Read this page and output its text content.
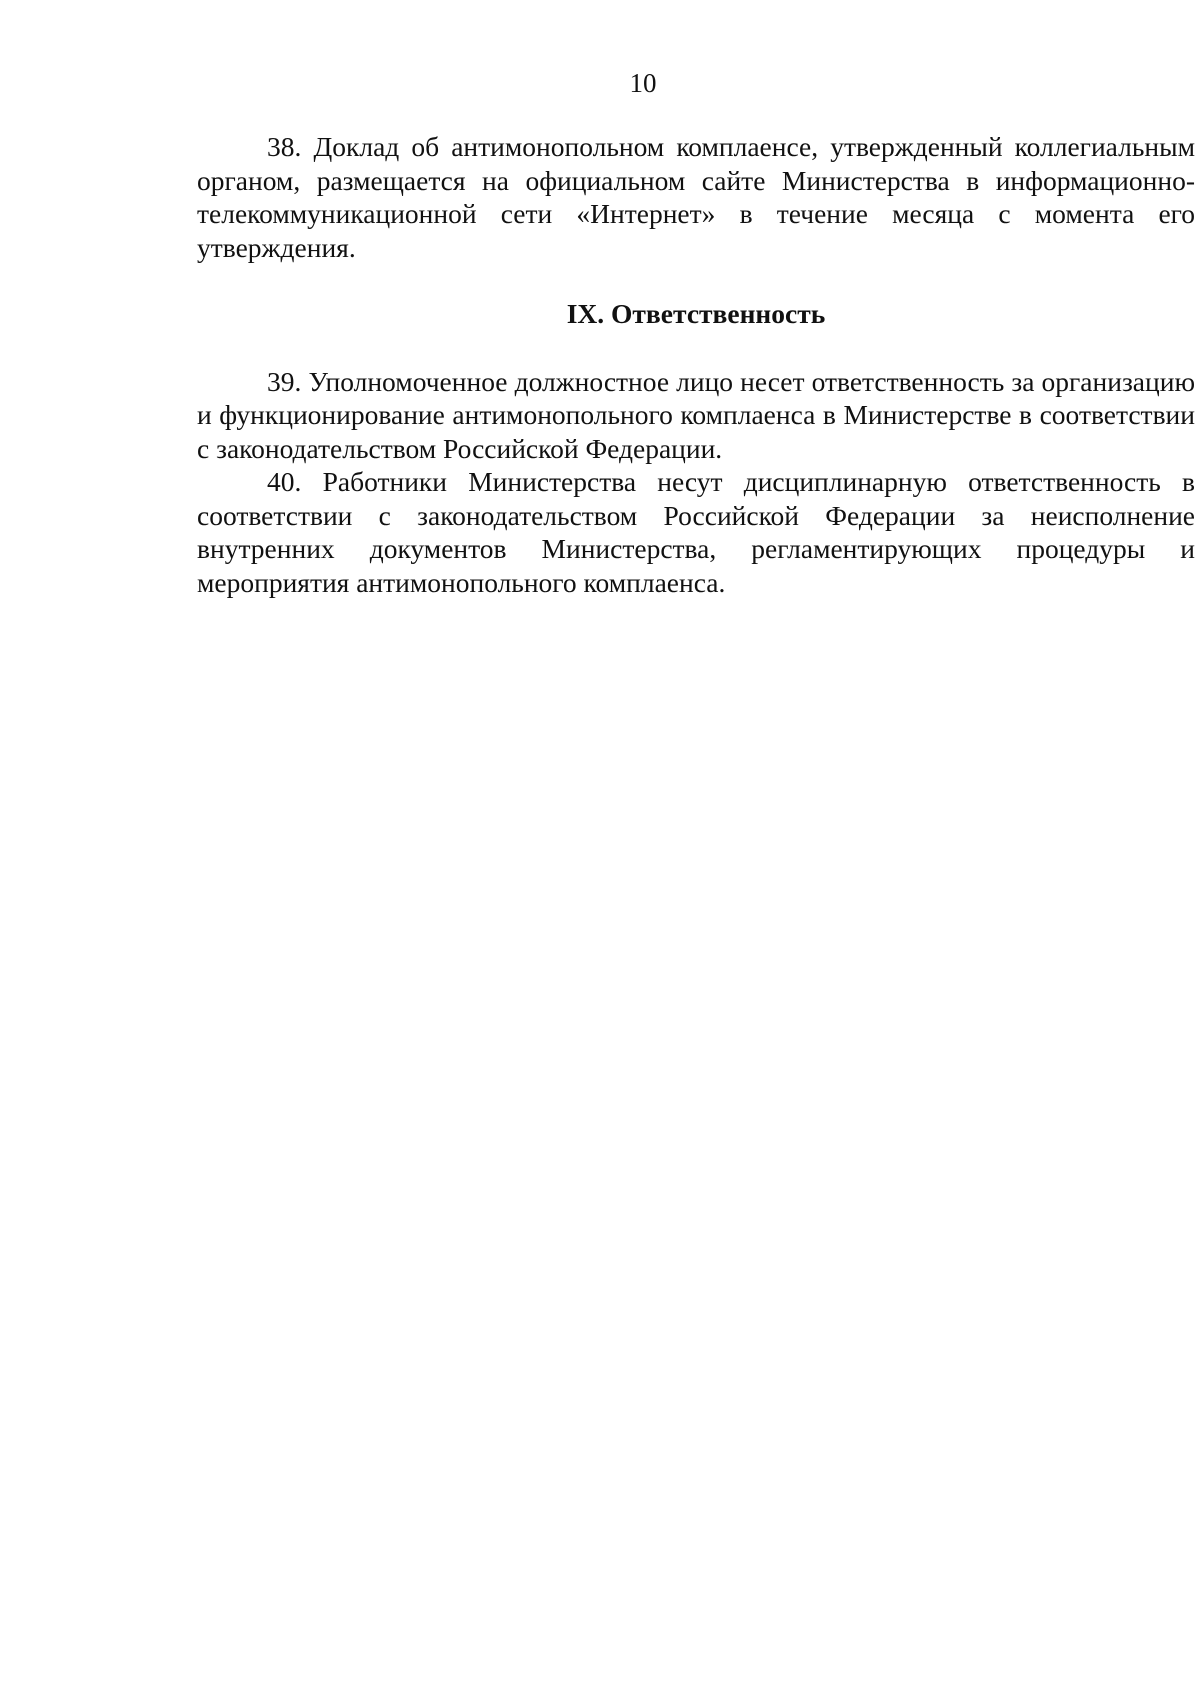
10

38. Доклад об антимонопольном комплаенсе, утвержденный коллегиальным органом, размещается на официальном сайте Министерства в информационно-телекоммуникационной сети «Интернет» в течение месяца с момента его утверждения.

IX. Ответственность

39. Уполномоченное должностное лицо несет ответственность за организацию и функционирование антимонопольного комплаенса в Министерстве в соответствии с законодательством Российской Федерации.

40. Работники Министерства несут дисциплинарную ответственность в соответствии с законодательством Российской Федерации за неисполнение внутренних документов Министерства, регламентирующих процедуры и мероприятия антимонопольного комплаенса.
